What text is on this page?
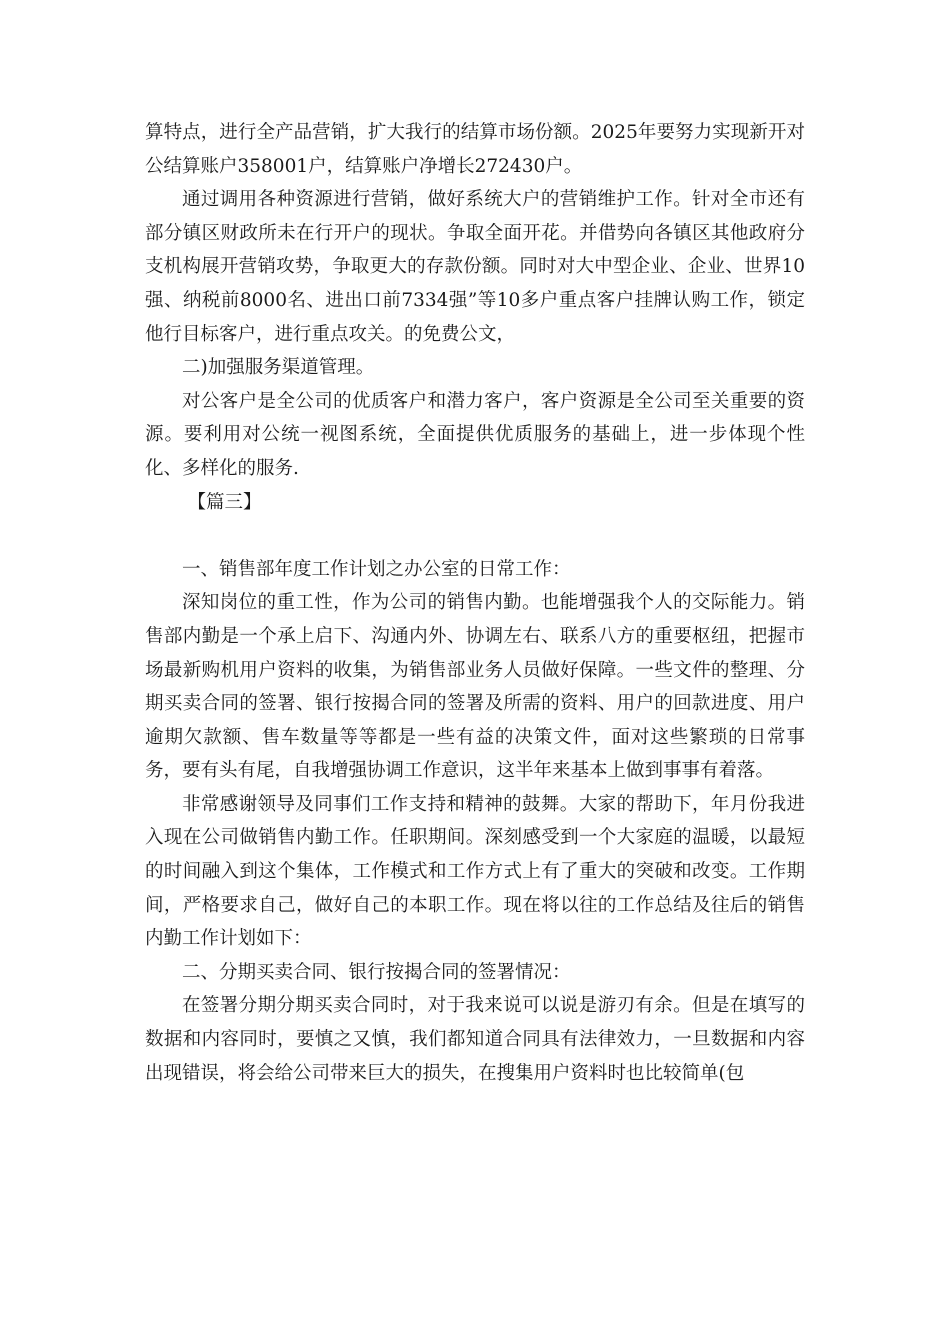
算特点，进行全产品营销，扩大我行的结算市场份额。2025年要努力实现新开对公结算账户358001户，结算账户净增长272430户。

通过调用各种资源进行营销，做好系统大户的营销维护工作。针对全市还有部分镇区财政所未在行开户的现状。争取全面开花。并借势向各镇区其他政府分支机构展开营销攻势，争取更大的存款份额。同时对大中型企业、企业、世界10强、纳税前8000名、进出口前7334强”等10多户重点客户挂牌认购工作，锁定他行目标客户，进行重点攻关。的免费公文，

二)加强服务渠道管理。

对公客户是全公司的优质客户和潜力客户，客户资源是全公司至关重要的资源。要利用对公统一视图系统，全面提供优质服务的基础上，进一步体现个性化、多样化的服务.

【篇三】

一、销售部年度工作计划之办公室的日常工作：

深知岗位的重工性，作为公司的销售内勤。也能增强我个人的交际能力。销售部内勤是一个承上启下、沟通内外、协调左右、联系八方的重要枢纽，把握市场最新购机用户资料的收集，为销售部业务人员做好保障。一些文件的整理、分期买卖合同的签署、银行按揭合同的签署及所需的资料、用户的回款进度、用户逾期欠款额、售车数量等等都是一些有益的决策文件，面对这些繁琐的日常事务，要有头有尾，自我增强协调工作意识，这半年来基本上做到事事有着落。

非常感谢领导及同事们工作支持和精神的鼓舞。大家的帮助下，年月份我进入现在公司做销售内勤工作。任职期间。深刻感受到一个大家庭的温暖，以最短的时间融入到这个集体，工作模式和工作方式上有了重大的突破和改变。工作期间，严格要求自己，做好自己的本职工作。现在将以往的工作总结及往后的销售内勤工作计划如下：

二、分期买卖合同、银行按揭合同的签署情况：

在签署分期分期买卖合同时，对于我来说可以说是游刃有余。但是在填写的数据和内容同时，要慎之又慎，我们都知道合同具有法律效力，一旦数据和内容出现错误，将会给公司带来巨大的损失，在搜集用户资料时也比较简单(包
